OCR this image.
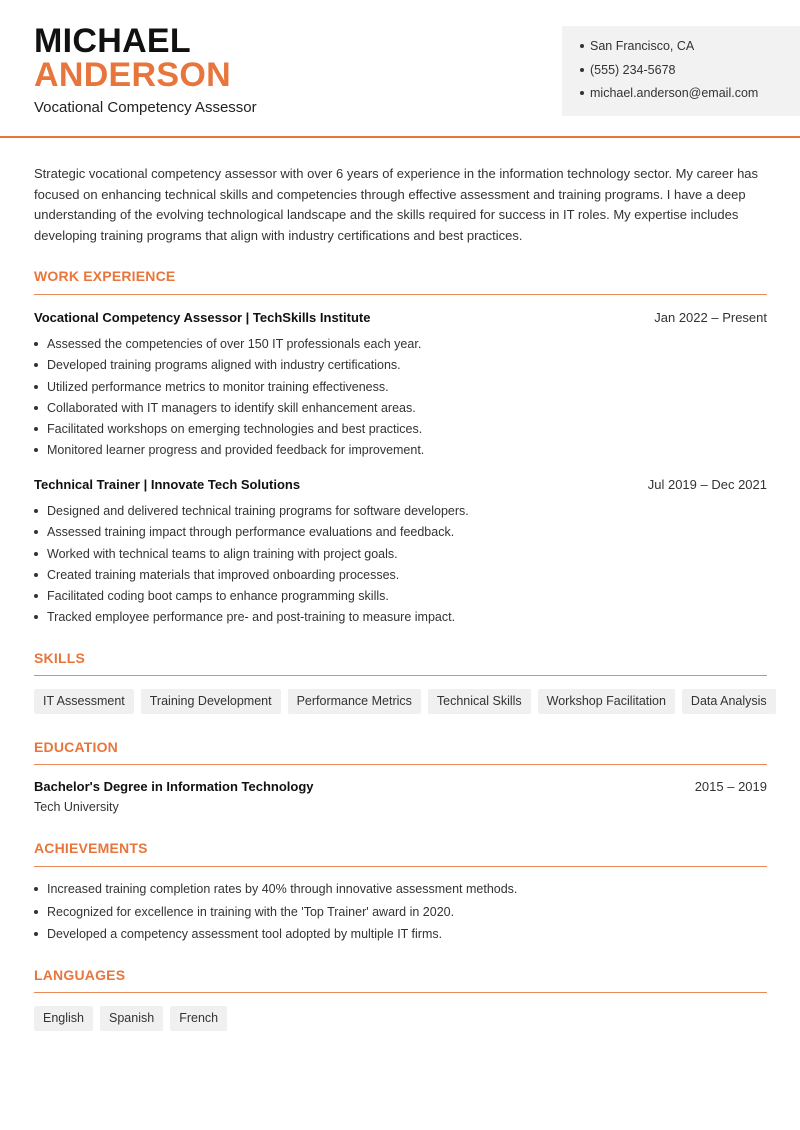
MICHAEL
ANDERSON
Vocational Competency Assessor
San Francisco, CA
(555) 234-5678
michael.anderson@email.com
Strategic vocational competency assessor with over 6 years of experience in the information technology sector. My career has focused on enhancing technical skills and competencies through effective assessment and training programs. I have a deep understanding of the evolving technological landscape and the skills required for success in IT roles. My expertise includes developing training programs that align with industry certifications and best practices.
WORK EXPERIENCE
Vocational Competency Assessor | TechSkills Institute	Jan 2022 – Present
Assessed the competencies of over 150 IT professionals each year.
Developed training programs aligned with industry certifications.
Utilized performance metrics to monitor training effectiveness.
Collaborated with IT managers to identify skill enhancement areas.
Facilitated workshops on emerging technologies and best practices.
Monitored learner progress and provided feedback for improvement.
Technical Trainer | Innovate Tech Solutions	Jul 2019 – Dec 2021
Designed and delivered technical training programs for software developers.
Assessed training impact through performance evaluations and feedback.
Worked with technical teams to align training with project goals.
Created training materials that improved onboarding processes.
Facilitated coding boot camps to enhance programming skills.
Tracked employee performance pre- and post-training to measure impact.
SKILLS
IT Assessment	Training Development	Performance Metrics	Technical Skills	Workshop Facilitation	Data Analysis
EDUCATION
Bachelor's Degree in Information Technology	2015 – 2019
Tech University
ACHIEVEMENTS
Increased training completion rates by 40% through innovative assessment methods.
Recognized for excellence in training with the 'Top Trainer' award in 2020.
Developed a competency assessment tool adopted by multiple IT firms.
LANGUAGES
English	Spanish	French
